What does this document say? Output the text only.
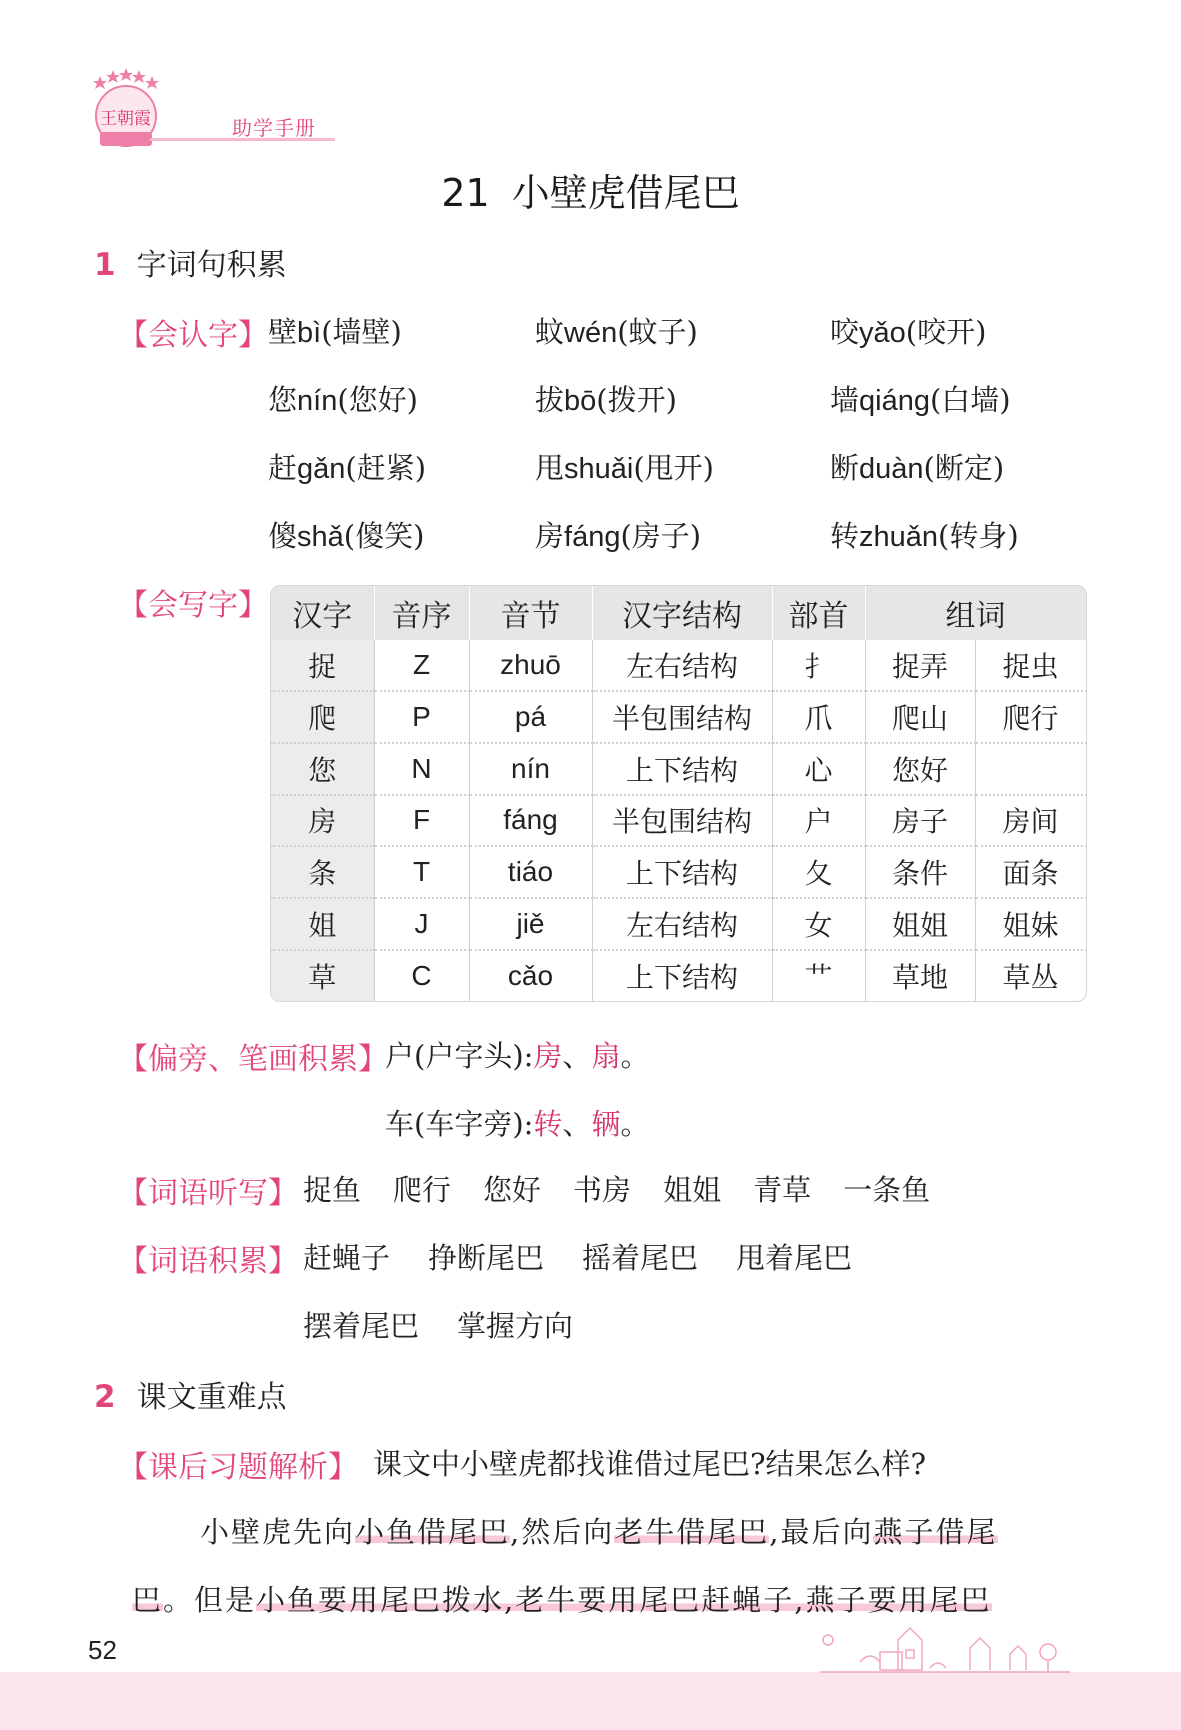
王朝霞	助学手册
21 小壁虎借尾巴
1 字词句积累
【会认字】 壁bì(墙壁)	蚊wén(蚊子)	咬yǎo(咬开)
您nín(您好)	拔bō(拨开)	墙qiáng(白墙)
赶gǎn(赶紧)	甩shuǎi(甩开)	断duàn(断定)
傻shǎ(傻笑)	房fáng(房子)	转zhuǎn(转身)
【会写字】 汉字	音序	音节	汉字结构	部首	组词	
捉	Z	zhuō	左右结构	扌	捉弄	捉虫
爬	P	pá	半包围结构	爪	爬山	爬行
您	N	nín	上下结构	心	您好	
房	F	fáng	半包围结构	户	房子	房间
条	T	tiáo	上下结构	夂	条件	面条
姐	J	jiě	左右结构	女	姐姐	姐妹
草	C	cǎo	上下结构	艹	草地	草丛
【偏旁、笔画积累】
户(户字头):房、扇。
车(车字旁):转、辆。
【词语听写】 捉鱼 爬行 您好 书房 姐姐 青草 一条鱼
【词语积累】 赶蝇子 挣断尾巴 摇着尾巴 甩着尾巴
摆着尾巴 掌握方向
2 课文重难点
【课后习题解析】 课文中小壁虎都找谁借过尾巴?结果怎么样?
小壁虎先向小鱼借尾巴,然后向老牛借尾巴,最后向燕子借尾
巴。但是小鱼要用尾巴拨水,老牛要用尾巴赶蝇子,燕子要用尾巴
52
